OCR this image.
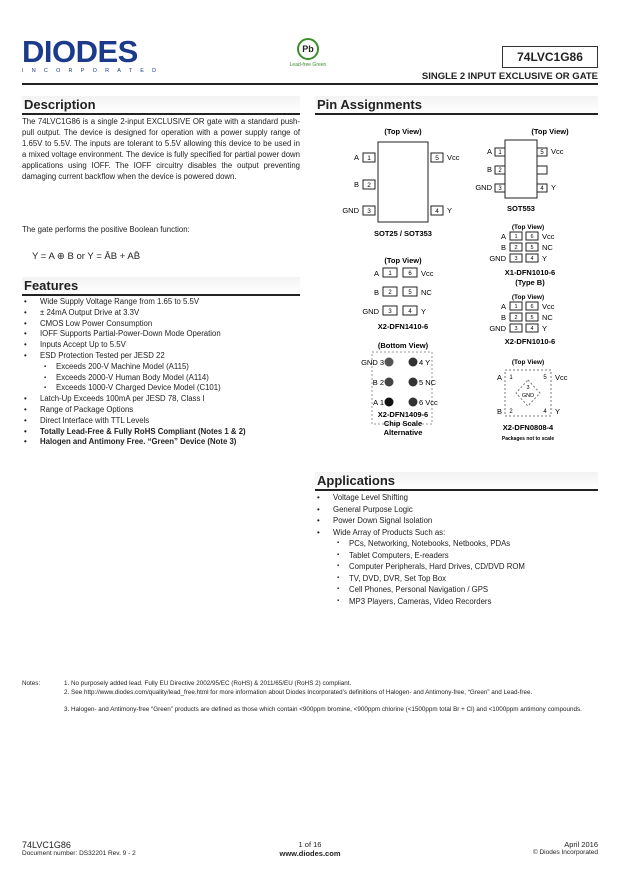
DIODES
INCORPORATED
Pb
Lead-free Green
74LVC1G86
SINGLE 2 INPUT EXCLUSIVE OR GATE
Description
The 74LVC1G86 is a single 2-input EXCLUSIVE OR gate with a standard push-pull output. The device is designed for operation with a power supply range of 1.65V to 5.5V. The inputs are tolerant to 5.5V allowing this device to be used in a mixed voltage environment. The device is fully specified for partial power down applications using IOFF. The IOFF circuitry disables the output preventing damaging current backflow when the device is powered down.
The gate performs the positive Boolean function:
Y = A ⊕ B or Y = ĀB + AB̄
Features
• Wide Supply Voltage Range from 1.65 to 5.5V
• ± 24mA Output Drive at 3.3V
• CMOS Low Power Consumption
• IOFF Supports Partial-Power-Down Mode Operation
• Inputs Accept Up to 5.5V
• ESD Protection Tested per JESD 22
▪ Exceeds 200-V Machine Model (A115)
▪ Exceeds 2000-V Human Body Model (A114)
▪ Exceeds 1000-V Charged Device Model (C101)
• Latch-Up Exceeds 100mA per JESD 78, Class I
• Range of Package Options
• Direct Interface with TTL Levels
• Totally Lead-Free & Fully RoHS Compliant (Notes 1 & 2)
• Halogen and Antimony Free. “Green” Device (Note 3)
Pin Assignments
(Top View)
1
A
2
B
3
GND
5 Vcc
4 Y
SOT25 / SOT353
(Top View)
1
A
2
B
3
GND
5 Vcc
4 Y
SOT553
(Top View)
1 6
2 5
3 4
A
B
GND
Vcc
NC
Y
X1-DFN1010-6
(Type B)
(Top View)
1 6
2 5
3 4
A
B
GND
Vcc
NC
Y
X2-DFN1010-6
(Top View)
1	6
2	5
3	4
A
B
GND
Vcc
NC
Y
X2-DFN1410-6
(Bottom View)
GND 3
B 2
A 1
4 Y
5 NC
6 Vcc
X2-DFN1409-6
Chip Scale
Alternative
(Top View)
3
GND
1	5
2	4
A
B
Vcc
Y
X2-DFN0808-4
Packages not to scale
Applications
• Voltage Level Shifting
• General Purpose Logic
• Power Down Signal Isolation
• Wide Array of Products Such as:
▪ PCs, Networking, Notebooks, Netbooks, PDAs
▪ Tablet Computers, E-readers
▪ Computer Peripherals, Hard Drives, CD/DVD ROM
▪ TV, DVD, DVR, Set Top Box
▪ Cell Phones, Personal Navigation / GPS
▪ MP3 Players, Cameras, Video Recorders
Notes:	1. No purposely added lead. Fully EU Directive 2002/95/EC (RoHS) & 2011/65/EU (RoHS 2) compliant.
2. See http://www.diodes.com/quality/lead_free.html for more information about Diodes Incorporated’s definitions of Halogen- and Antimony-free, “Green” and Lead-free.
3. Halogen- and Antimony-free “Green” products are defined as those which contain <900ppm bromine, <900ppm chlorine (<1500ppm total Br + Cl) and <1000ppm antimony compounds.
74LVC1G86
Document number: DS32201 Rev. 9 - 2
1 of 16
www.diodes.com
April 2016
© Diodes Incorporated
